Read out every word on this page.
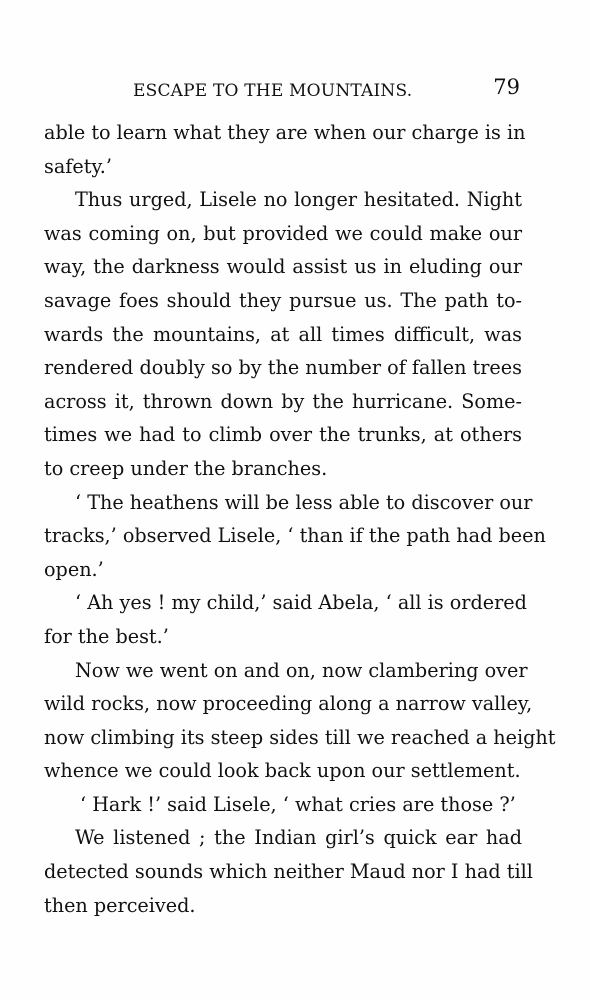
ESCAPE TO THE MOUNTAINS.	79
able to learn what they are when our charge is in
safety.’
Thus urged, Lisele no longer hesitated. Night
was coming on, but provided we could make our
way, the darkness would assist us in eluding our
savage foes should they pursue us. The path to-
wards the mountains, at all times difficult, was
rendered doubly so by the number of fallen trees
across it, thrown down by the hurricane. Some-
times we had to climb over the trunks, at others
to creep under the branches.
‘ The heathens will be less able to discover our
tracks,’ observed Lisele, ‘ than if the path had been
open.’
‘ Ah yes ! my child,’ said Abela, ‘ all is ordered
for the best.’
Now we went on and on, now clambering over
wild rocks, now proceeding along a narrow valley,
now climbing its steep sides till we reached a height
whence we could look back upon our settlement.
‘ Hark !’ said Lisele, ‘ what cries are those ?’
We listened ; the Indian girl’s quick ear had
detected sounds which neither Maud nor I had till
then perceived.
